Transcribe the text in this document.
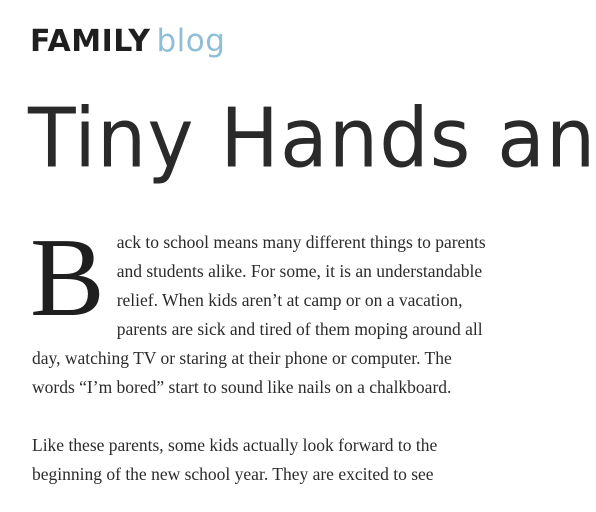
FAMILY blog
Tiny Hands an

B ack to school means many different things to parents and students alike. For some, it is an understandable relief. When kids aren’t at camp or on a vacation, parents are sick and tired of them moping around all day, watching TV or staring at their phone or computer. The words “I’m bored” start to sound like nails on a chalkboard.

Like these parents, some kids actually look forward to the beginning of the new school year. They are excited to see
